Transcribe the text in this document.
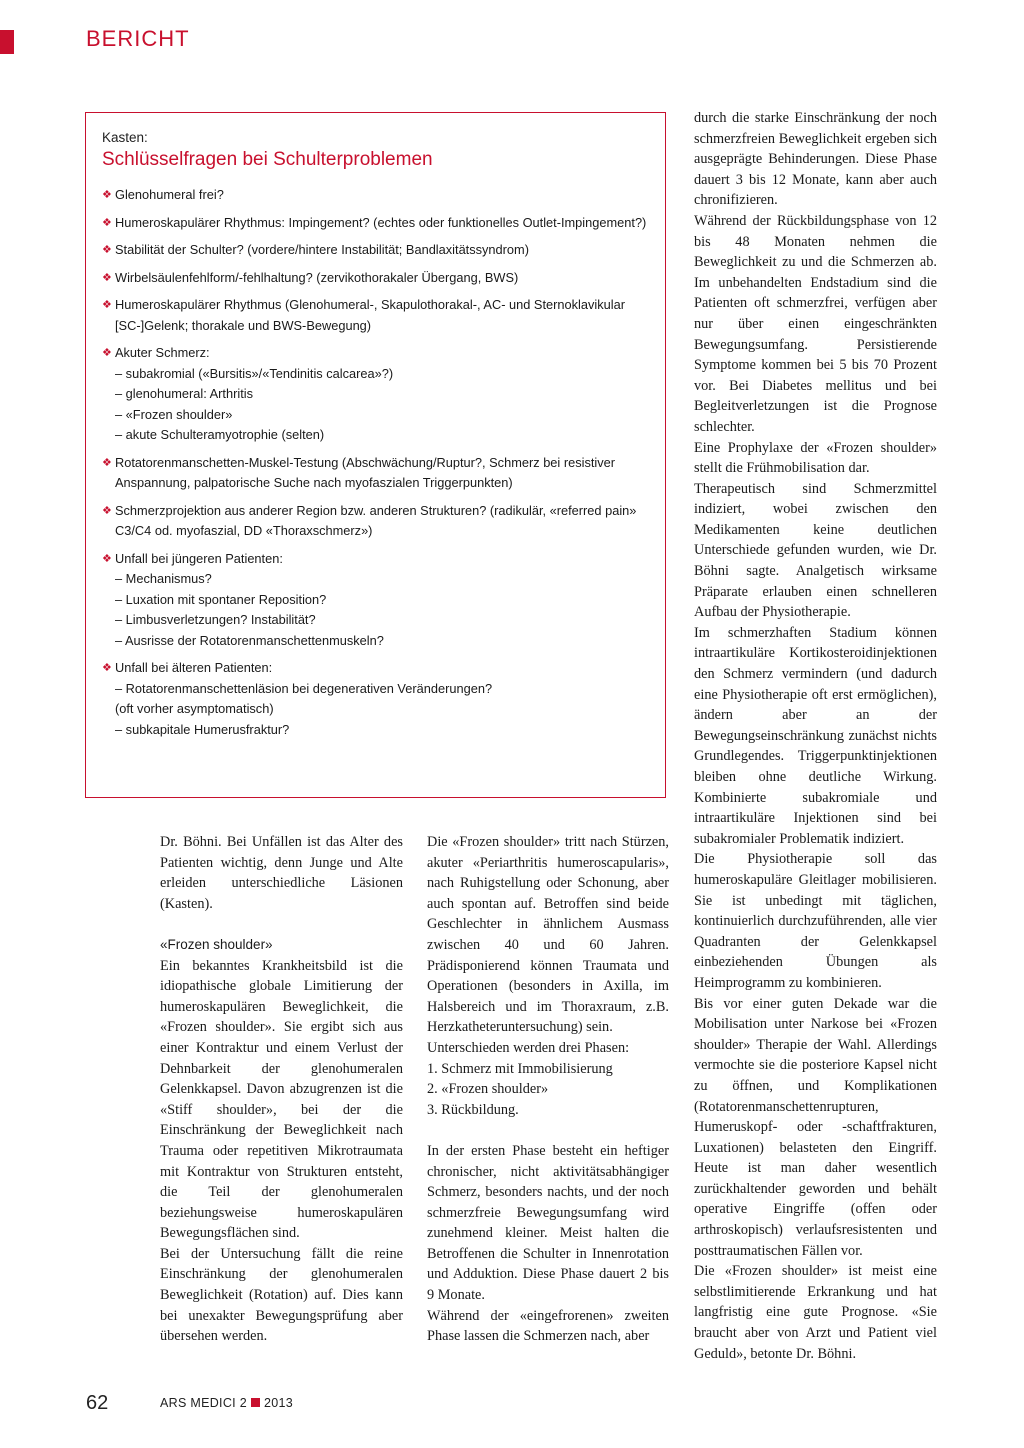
BERICHT
Kasten:
Schlüsselfragen bei Schulterproblemen
❖ Glenohumeral frei?
❖ Humeroskapulärer Rhythmus: Impingement? (echtes oder funktionelles Outlet-Impingement?)
❖ Stabilität der Schulter? (vordere/hintere Instabilität; Bandlaxitätssyndrom)
❖ Wirbelsäulenfehlform/-fehlhaltung? (zervikothorakaler Übergang, BWS)
❖ Humeroskapulärer Rhythmus (Glenohumeral-, Skapulothorakal-, AC- und Sternoklavikular [SC-]Gelenk; thorakale und BWS-Bewegung)
❖ Akuter Schmerz:
– subakromial («Bursitis»/«Tendinitis calcarea»?)
– glenohumeral: Arthritis
– «Frozen shoulder»
– akute Schulteramyotrophie (selten)
❖ Rotatorenmanschetten-Muskel-Testung (Abschwächung/Ruptur?, Schmerz bei resistiver Anspannung, palpatorische Suche nach myofaszialen Triggerpunkten)
❖ Schmerzprojektion aus anderer Region bzw. anderen Strukturen? (radikulär, «referred pain» C3/C4 od. myofaszial, DD «Thoraxschmerz»)
❖ Unfall bei jüngeren Patienten:
– Mechanismus?
– Luxation mit spontaner Reposition?
– Limbusverletzungen? Instabilität?
– Ausrisse der Rotatorenmanschettenmuskeln?
❖ Unfall bei älteren Patienten:
– Rotatorenmanschettenläsion bei degenerativen Veränderungen?
(oft vorher asymptomatisch)
– subkapitale Humerusfraktur?

Dr. Böhni. Bei Unfällen ist das Alter des Patienten wichtig, denn Junge und Alte erleiden unterschiedliche Läsionen (Kasten).

«Frozen shoulder»

Ein bekanntes Krankheitsbild ist die idiopathische globale Limitierung der humeroskapulären Beweglichkeit, die «Frozen shoulder». Sie ergibt sich aus einer Kontraktur und einem Verlust der Dehnbarkeit der glenohumeralen Gelenkkapsel. Davon abzugrenzen ist die «Stiff shoulder», bei der die Einschränkung der Beweglichkeit nach Trauma oder repetitiven Mikrotraumata mit Kontraktur von Strukturen entsteht, die Teil der glenohumeralen beziehungsweise humeroskapulären Bewegungsflächen sind.

Bei der Untersuchung fällt die reine Einschränkung der glenohumeralen Beweglichkeit (Rotation) auf. Dies kann bei unexakter Bewegungsprüfung aber übersehen werden.

Die «Frozen shoulder» tritt nach Stürzen, akuter «Periarthritis humeroscapularis», nach Ruhigstellung oder Schonung, aber auch spontan auf. Betroffen sind beide Geschlechter in ähnlichem Ausmass zwischen 40 und 60 Jahren. Prädisponierend können Traumata und Operationen (besonders in Axilla, im Halsbereich und im Thoraxraum, z.B. Herzkatheteruntersuchung) sein.

Unterschieden werden drei Phasen:

1. Schmerz mit Immobilisierung

2. «Frozen shoulder»

3. Rückbildung.

In der ersten Phase besteht ein heftiger chronischer, nicht aktivitätsabhängiger Schmerz, besonders nachts, und der noch schmerzfreie Bewegungsumfang wird zunehmend kleiner. Meist halten die Betroffenen die Schulter in Innenrotation und Adduktion. Diese Phase dauert 2 bis 9 Monate.

Während der «eingefrorenen» zweiten Phase lassen die Schmerzen nach, aber

durch die starke Einschränkung der noch schmerzfreien Beweglichkeit ergeben sich ausgeprägte Behinderungen. Diese Phase dauert 3 bis 12 Monate, kann aber auch chronifizieren.

Während der Rückbildungsphase von 12 bis 48 Monaten nehmen die Beweglichkeit zu und die Schmerzen ab. Im unbehandelten Endstadium sind die Patienten oft schmerzfrei, verfügen aber nur über einen eingeschränkten Bewegungsumfang. Persistierende Symptome kommen bei 5 bis 70 Prozent vor. Bei Diabetes mellitus und bei Begleitverletzungen ist die Prognose schlechter.

Eine Prophylaxe der «Frozen shoulder» stellt die Frühmobilisation dar.

Therapeutisch sind Schmerzmittel indiziert, wobei zwischen den Medikamenten keine deutlichen Unterschiede gefunden wurden, wie Dr. Böhni sagte. Analgetisch wirksame Präparate erlauben einen schnelleren Aufbau der Physiotherapie.

Im schmerzhaften Stadium können intraartikuläre Kortikosteroidinjektionen den Schmerz vermindern (und dadurch eine Physiotherapie oft erst ermöglichen), ändern aber an der Bewegungseinschränkung zunächst nichts Grundlegendes. Triggerpunktinjektionen bleiben ohne deutliche Wirkung. Kombinierte subakromiale und intraartikuläre Injektionen sind bei subakromialer Problematik indiziert.

Die Physiotherapie soll das humeroskapuläre Gleitlager mobilisieren. Sie ist unbedingt mit täglichen, kontinuierlich durchzuführenden, alle vier Quadranten der Gelenkkapsel einbeziehenden Übungen als Heimprogramm zu kombinieren.

Bis vor einer guten Dekade war die Mobilisation unter Narkose bei «Frozen shoulder» Therapie der Wahl. Allerdings vermochte sie die posteriore Kapsel nicht zu öffnen, und Komplikationen (Rotatorenmanschettenrupturen, Humeruskopf- oder -schaftfrakturen, Luxationen) belasteten den Eingriff. Heute ist man daher wesentlich zurückhaltender geworden und behält operative Eingriffe (offen oder arthroskopisch) verlaufsresistenten und posttraumatischen Fällen vor.

Die «Frozen shoulder» ist meist eine selbstlimitierende Erkrankung und hat langfristig eine gute Prognose. «Sie braucht aber von Arzt und Patient viel Geduld», betonte Dr. Böhni.

62	ARS MEDICI 2 2013
